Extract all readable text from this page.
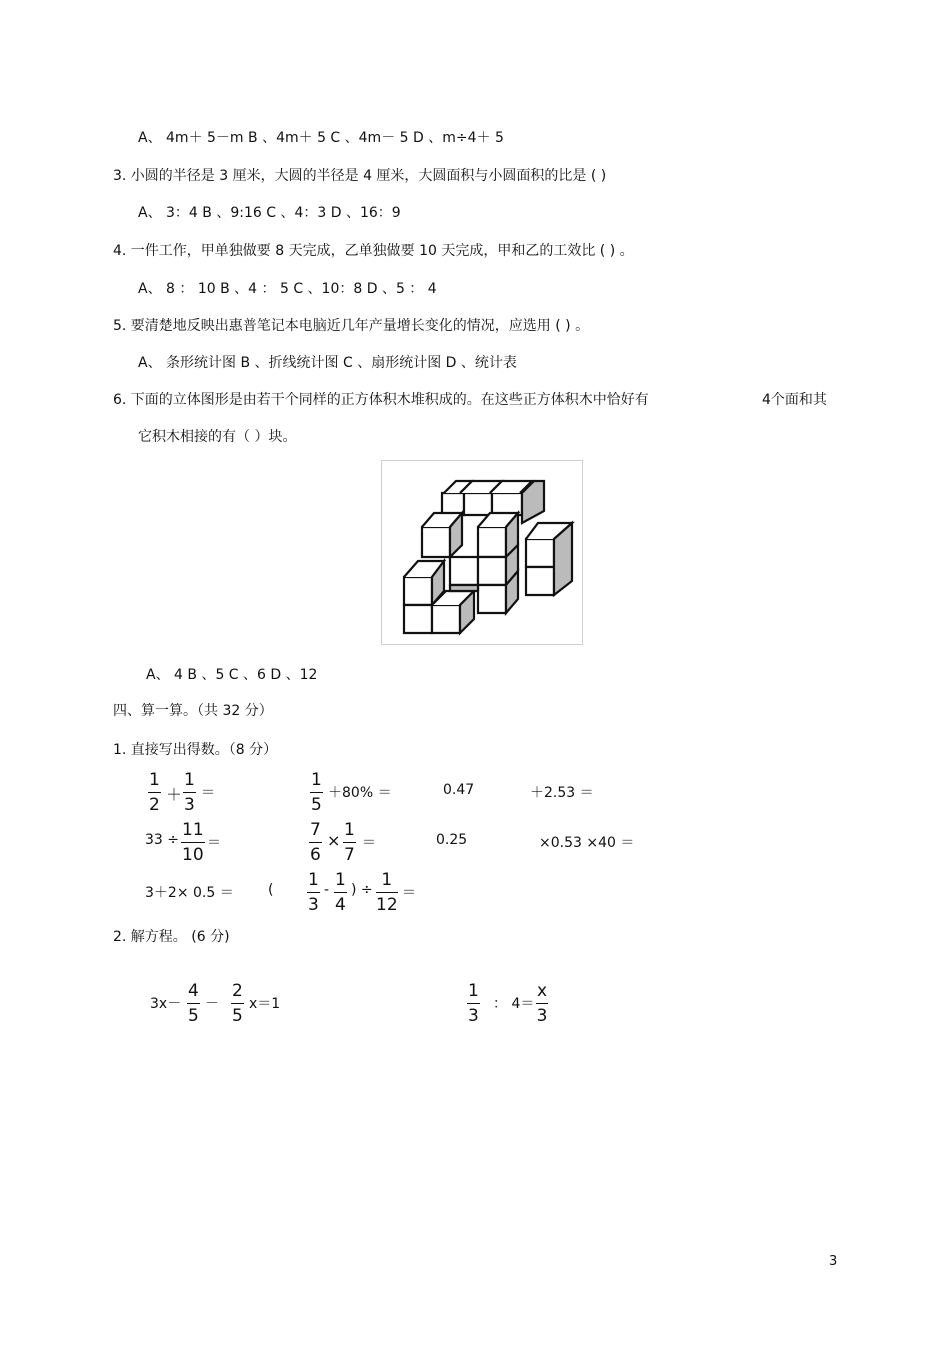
A、 4m＋ 5－m B 、4m＋ 5 C 、4m－ 5 D 、m÷4＋ 5
3. 小圆的半径是 3 厘米，大圆的半径是 4 厘米，大圆面积与小圆面积的比是 ( )
A、 3：4 B 、9:16 C 、4：3 D 、16：9
4. 一件工作，甲单独做要 8 天完成，乙单独做要 10 天完成，甲和乙的工效比 ( ) 。
A、 8 ： 10 B 、4 ： 5 C 、10：8 D 、5 ： 4
5. 要清楚地反映出惠普笔记本电脑近几年产量增长变化的情况，应选用 ( ) 。
A、 条形统计图 B 、折线统计图 C 、扇形统计图 D 、统计表
6. 下面的立体图形是由若干个同样的正方体积木堆积成的。在这些正方体积木中恰好有	4个面和其
它积木相接的有（ ）块。
A、 4 B 、5 C 、6 D 、12
四、算一算。（共 32 分）
1. 直接写出得数。（8 分）
$\frac{1}{2} + \frac{1}{3}$ ＝	$\frac{1}{5} +80\%$ ＝	0.47	＋2.53 ＝
$33 \div \frac{11}{10}$ ＝	$\frac{7}{6} \times \frac{1}{7}$ ＝	0.25	×0.53 ×40 ＝
3＋2× 0.5 ＝ ( $\frac{1}{3} - \frac{1}{4}$ ) ÷ $\frac{1}{12}$ ＝
2. 解方程。 (6 分)
$3x- \frac{4}{5} - \frac{2}{5} x=1$	$\frac{1}{3}$ ： $4= \frac{x}{3}$
3
